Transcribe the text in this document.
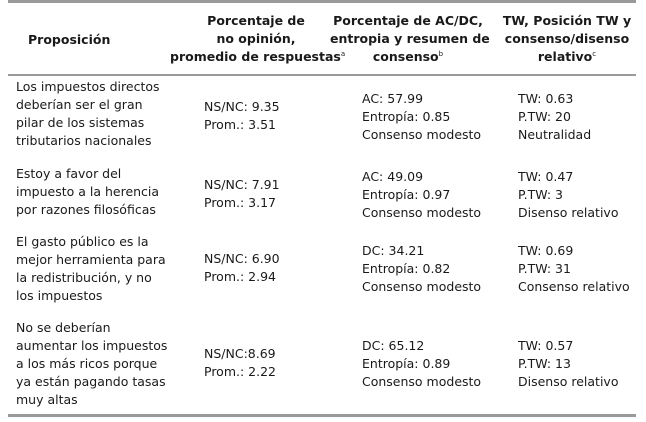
Proposición
Porcentaje de
no opinión,
promedio de respuestas$^a$
Porcentaje de AC/DC,
entropia y resumen de
consenso$^b$
TW, Posición TW y
consenso/disenso
relativo$^c$
Los impuestos directos
deberían ser el gran
pilar de los sistemas
tributarios nacionales
NS/NC: 9.35
Prom.: 3.51
AC: 57.99
Entropía: 0.85
Consenso modesto
TW: 0.63
P.TW: 20
Neutralidad
Estoy a favor del
impuesto a la herencia
por razones filosóficas
NS/NC: 7.91
Prom.: 3.17
AC: 49.09
Entropía: 0.97
Consenso modesto
TW: 0.47
P.TW: 3
Disenso relativo
El gasto público es la
mejor herramienta para
la redistribución, y no
los impuestos
NS/NC: 6.90
Prom.: 2.94
DC: 34.21
Entropía: 0.82
Consenso modesto
TW: 0.69
P.TW: 31
Consenso relativo
No se deberían
aumentar los impuestos
a los más ricos porque
ya están pagando tasas
muy altas
NS/NC:8.69
Prom.: 2.22
DC: 65.12
Entropía: 0.89
Consenso modesto
TW: 0.57
P.TW: 13
Disenso relativo
